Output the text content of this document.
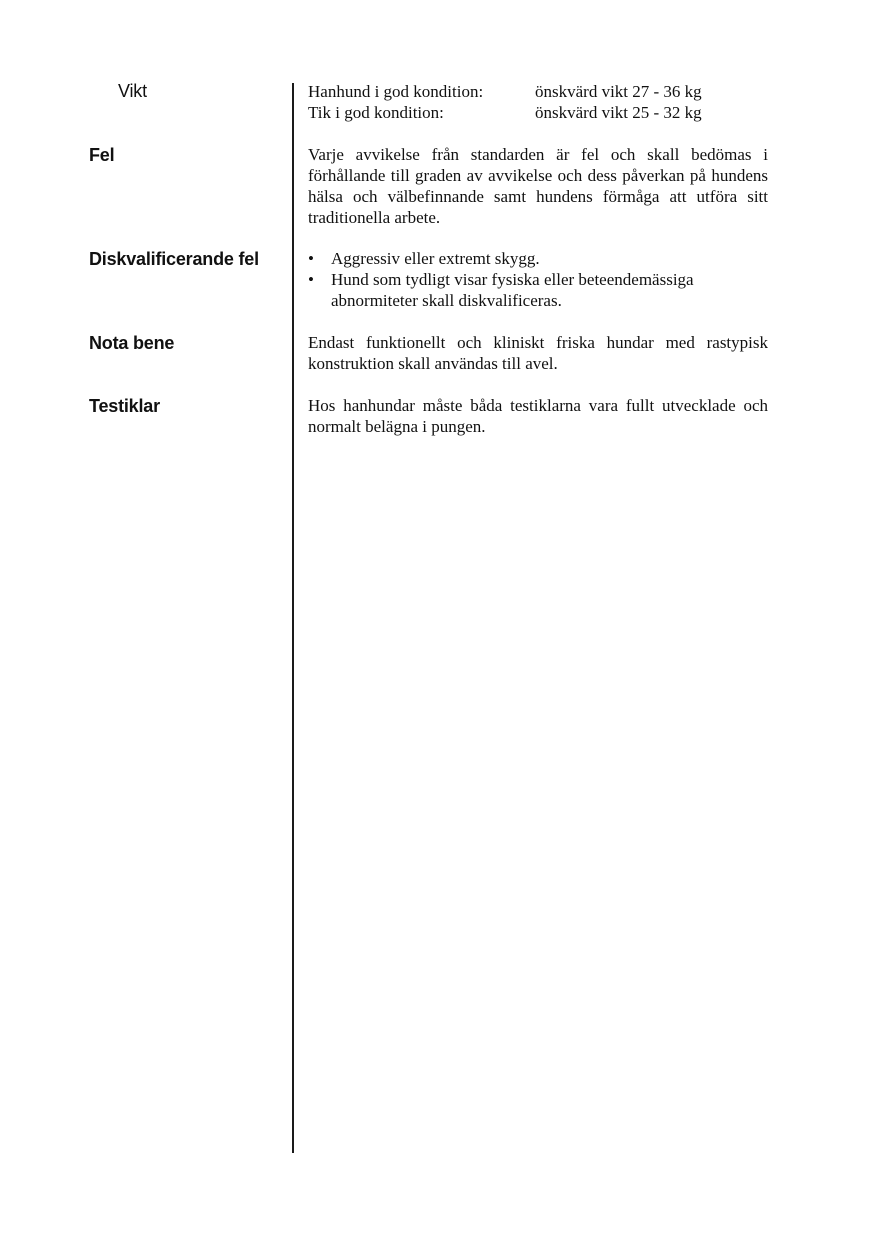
Vikt	Hanhund i god kondition:	önskvärd vikt 27 - 36 kg
Tik i god kondition:	önskvärd vikt 25 - 32 kg
Fel	Varje avvikelse från standarden är fel och skall bedömas i förhållande till graden av avvikelse och dess påverkan på hundens hälsa och välbefinnande samt hundens förmåga att utföra sitt traditionella arbete.
Diskvalificerande fel	• Aggressiv eller extremt skygg.
• Hund som tydligt visar fysiska eller beteendemässiga abnormiteter skall diskvalificeras.
Nota bene	Endast funktionellt och kliniskt friska hundar med rastypisk konstruktion skall användas till avel.
Testiklar	Hos hanhundar måste båda testiklarna vara fullt utvecklade och normalt belägna i pungen.
